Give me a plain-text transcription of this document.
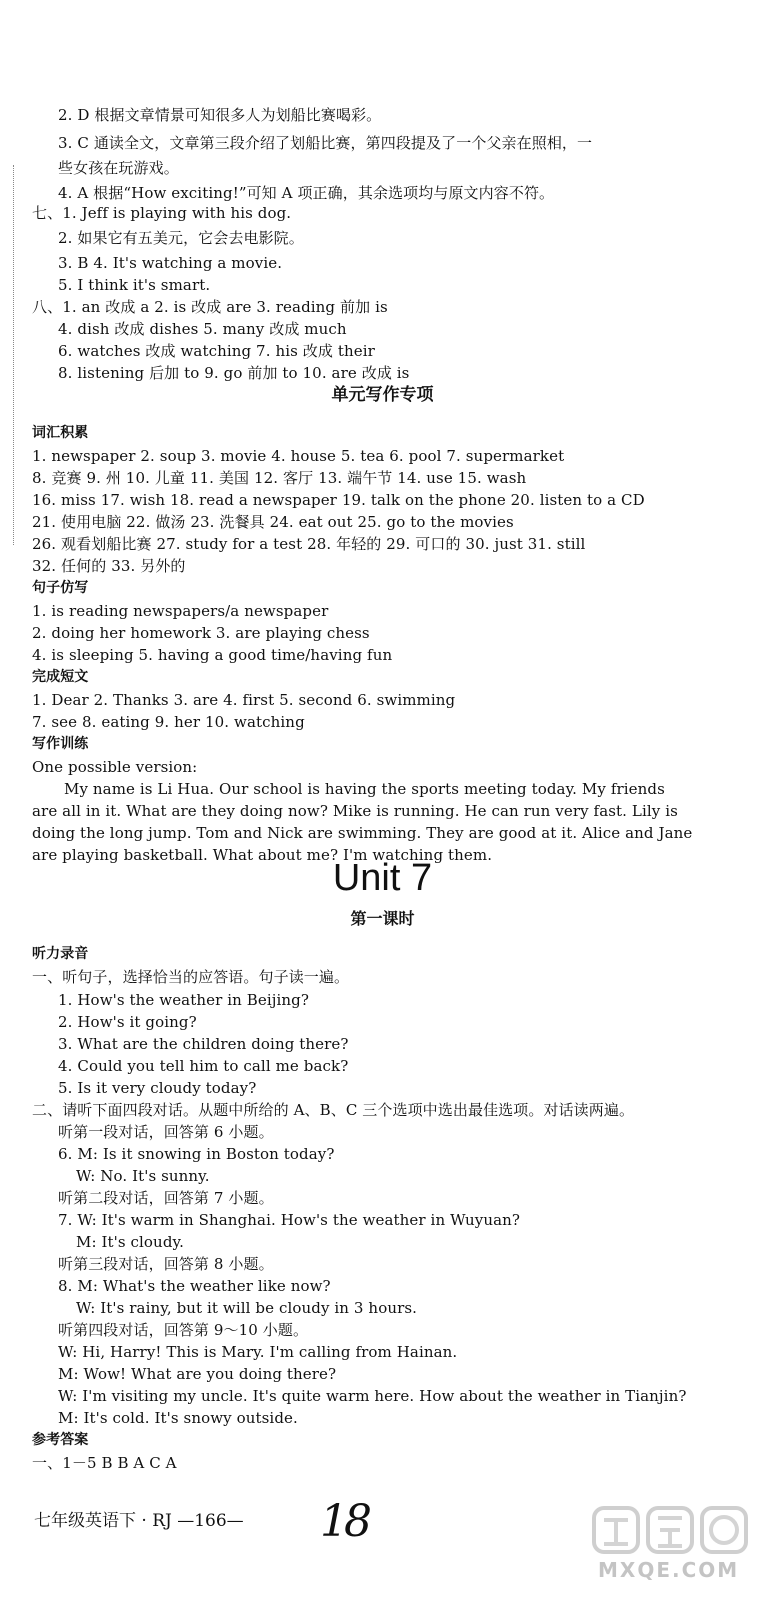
2. D 根据文章情景可知很多人为划船比赛喝彩。
3. C 通读全文，文章第三段介绍了划船比赛，第四段提及了一个父亲在照相，一
些女孩在玩游戏。
4. A 根据“How exciting!”可知 A 项正确，其余选项均与原文内容不符。
七、1. Jeff is playing with his dog.
2. 如果它有五美元，它会去电影院。
3. B 4. It's watching a movie.
5. I think it's smart.
八、1. an 改成 a 2. is 改成 are 3. reading 前加 is
4. dish 改成 dishes 5. many 改成 much
6. watches 改成 watching 7. his 改成 their
8. listening 后加 to 9. go 前加 to 10. are 改成 is
1. newspaper 2. soup 3. movie 4. house 5. tea 6. pool 7. supermarket
8. 竞赛 9. 州 10. 儿童 11. 美国 12. 客厅 13. 端午节 14. use 15. wash
16. miss 17. wish 18. read a newspaper 19. talk on the phone 20. listen to a CD
21. 使用电脑 22. 做汤 23. 洗餐具 24. eat out 25. go to the movies
26. 观看划船比赛 27. study for a test 28. 年轻的 29. 可口的 30. just 31. still
32. 任何的 33. 另外的
1. is reading newspapers/a newspaper
2. doing her homework 3. are playing chess
4. is sleeping 5. having a good time/having fun
1. Dear 2. Thanks 3. are 4. first 5. second 6. swimming
7. see 8. eating 9. her 10. watching
One possible version:
My name is Li Hua. Our school is having the sports meeting today. My friends
are all in it. What are they doing now? Mike is running. He can run very fast. Lily is
doing the long jump. Tom and Nick are swimming. They are good at it. Alice and Jane
are playing basketball. What about me? I'm watching them.
一、听句子，选择恰当的应答语。句子读一遍。
1. How's the weather in Beijing?
2. How's it going?
3. What are the children doing there?
4. Could you tell him to call me back?
5. Is it very cloudy today?
二、请听下面四段对话。从题中所给的 A、B、C 三个选项中选出最佳选项。对话读两遍。
听第一段对话，回答第 6 小题。
6. M: Is it snowing in Boston today?
W: No. It's sunny.
听第二段对话，回答第 7 小题。
7. W: It's warm in Shanghai. How's the weather in Wuyuan?
M: It's cloudy.
听第三段对话，回答第 8 小题。
8. M: What's the weather like now?
W: It's rainy, but it will be cloudy in 3 hours.
听第四段对话，回答第 9～10 小题。
W: Hi, Harry! This is Mary. I'm calling from Hainan.
M: Wow! What are you doing there?
W: I'm visiting my uncle. It's quite warm here. How about the weather in Tianjin?
M: It's cold. It's snowy outside.
一、1－5 B B A C A
词汇积累
句子仿写
完成短文
写作训练
听力录音
参考答案
单元写作专项
Unit 7
第一课时
七年级英语下 · RJ —166— 18
MXQE.COM
